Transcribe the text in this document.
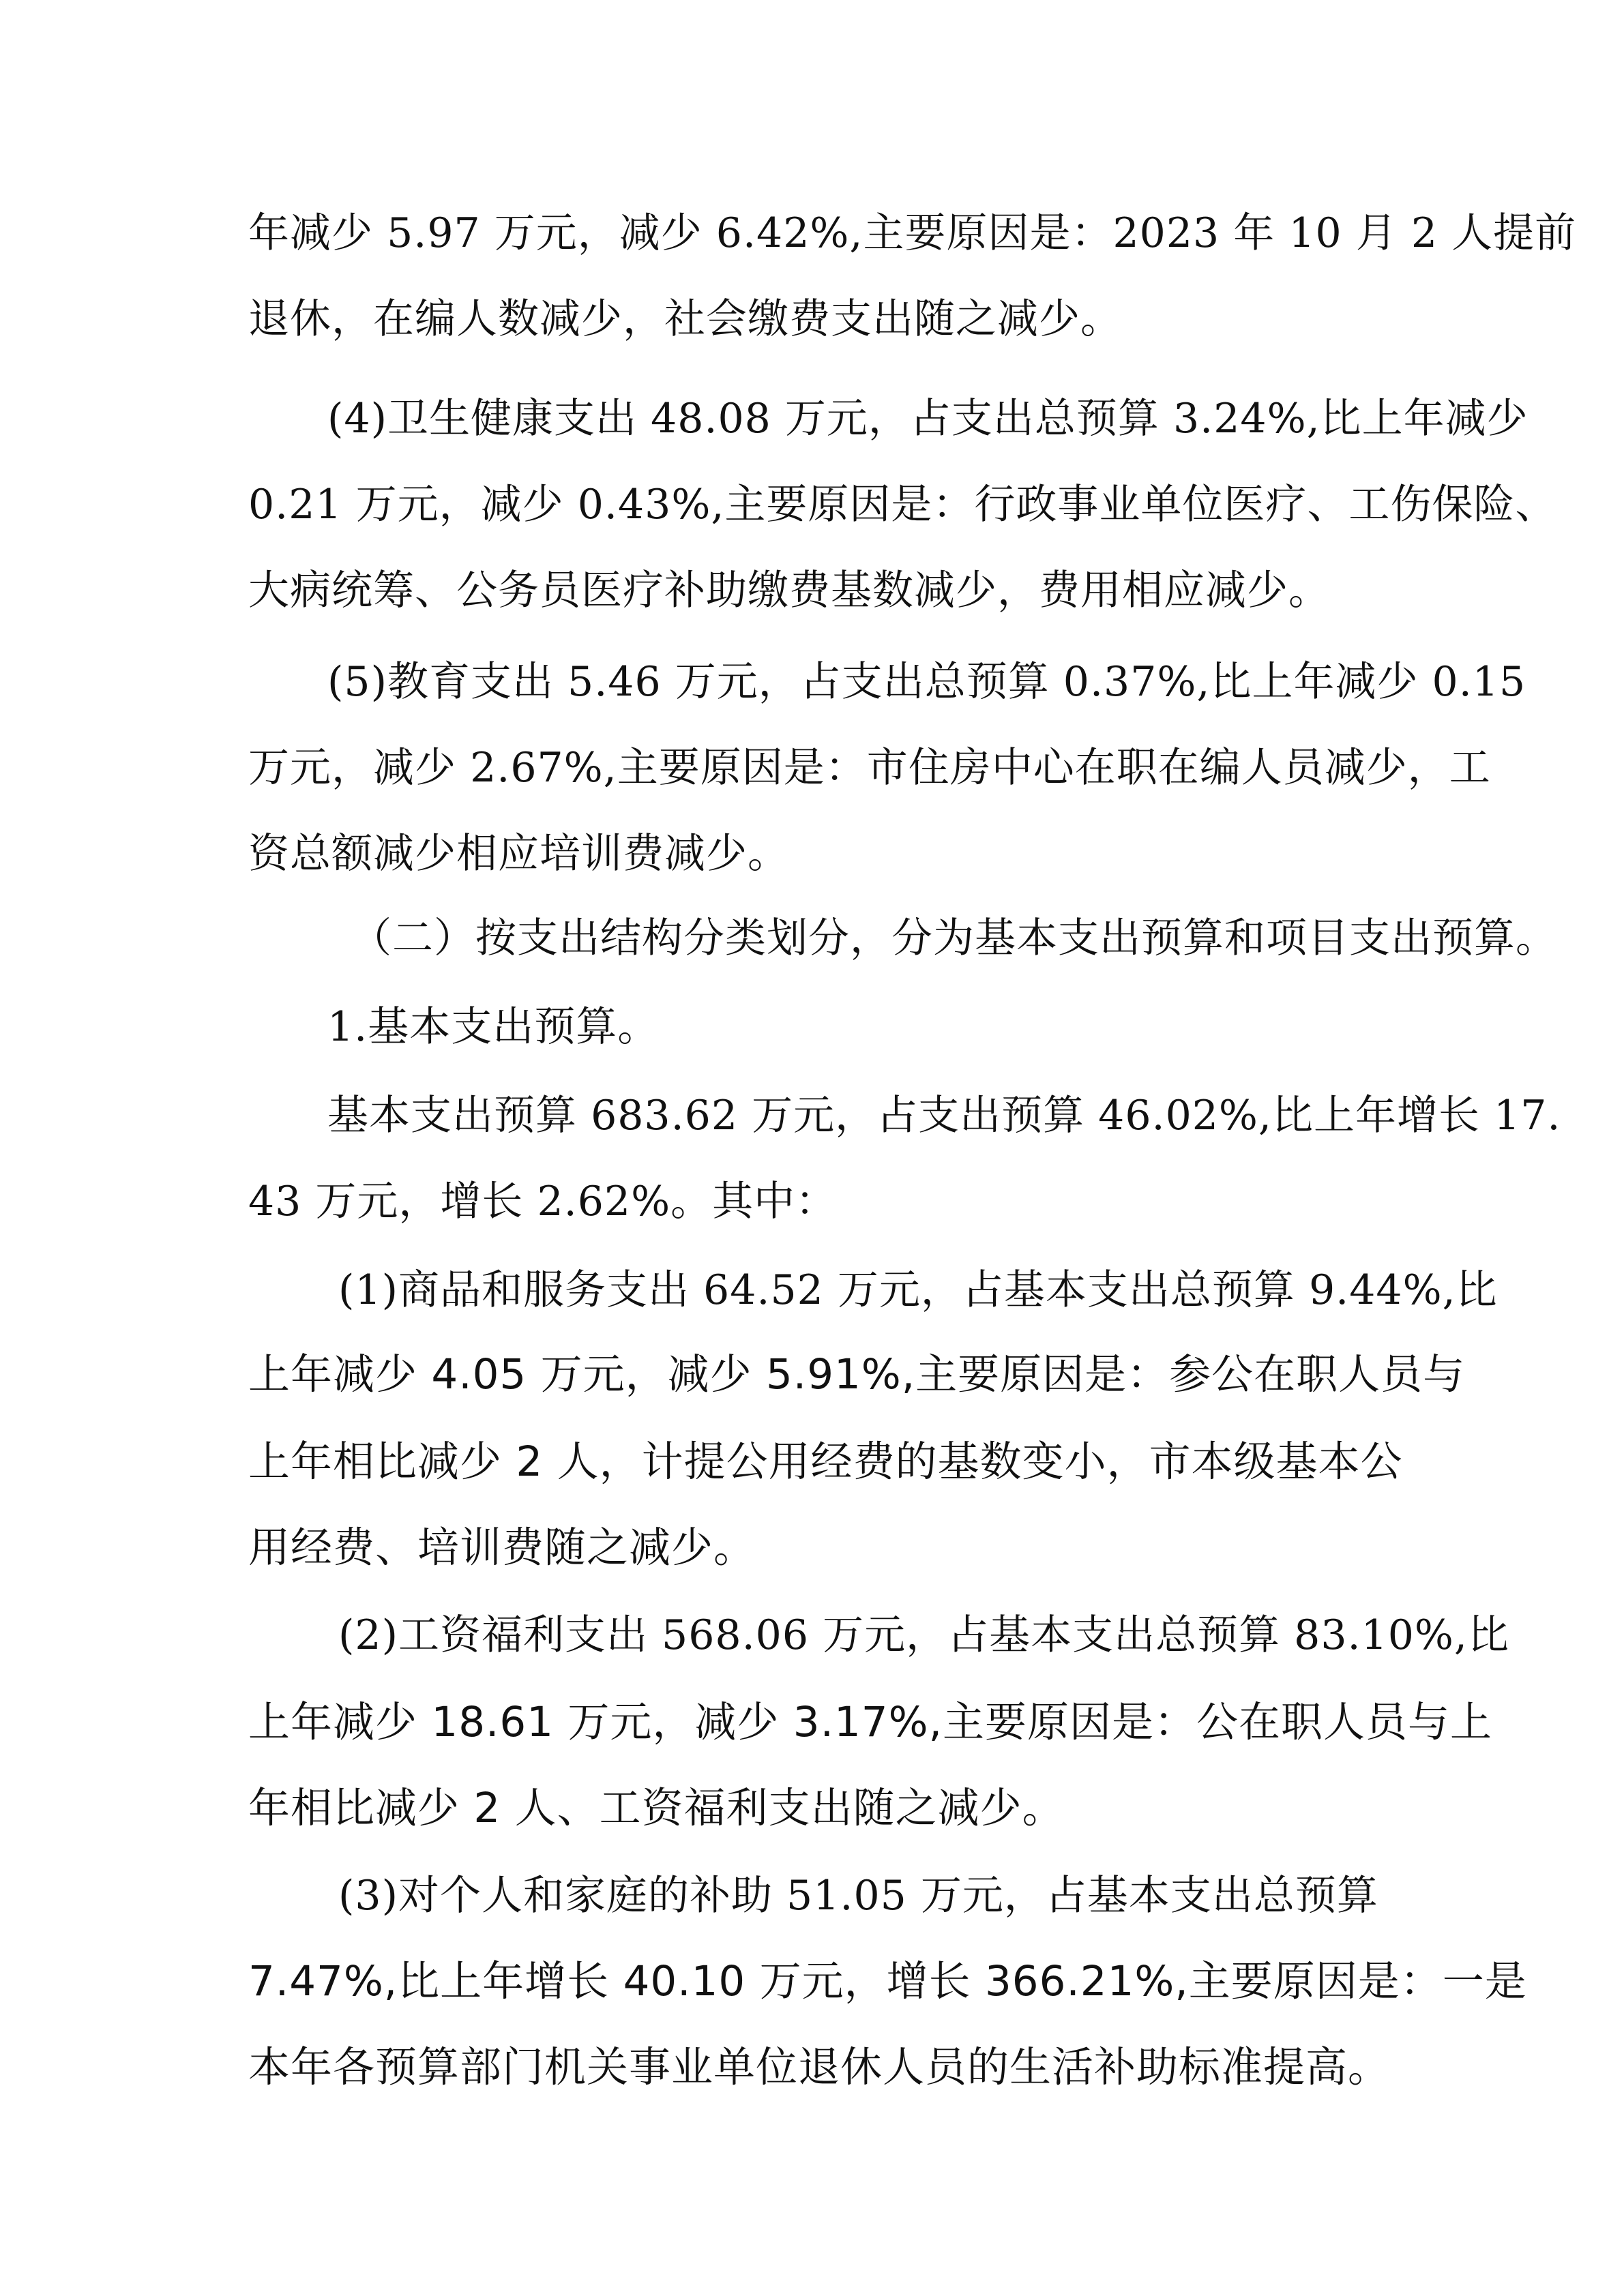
年减少 5.97 万元，减少 6.42%,主要原因是：2023 年 10 月 2 人提前
退休，在编人数减少，社会缴费支出随之减少。
(4)卫生健康支出 48.08 万元，占支出总预算 3.24%,比上年减少
0.21 万元，减少 0.43%,主要原因是：行政事业单位医疗、工伤保险、
大病统筹、公务员医疗补助缴费基数减少，费用相应减少。
(5)教育支出 5.46 万元，占支出总预算 0.37%,比上年减少 0.15
万元，减少 2.67%,主要原因是：市住房中心在职在编人员减少，工
资总额减少相应培训费减少。
（二）按支出结构分类划分，分为基本支出预算和项目支出预算。
1.基本支出预算。
基本支出预算 683.62 万元，占支出预算 46.02%,比上年增长 17.
43 万元，增长 2.62%。其中：
(1)商品和服务支出 64.52 万元，占基本支出总预算 9.44%,比
上年减少 4.05 万元，减少 5.91%,主要原因是：参公在职人员与
上年相比减少 2 人，计提公用经费的基数变小，市本级基本公
用经费、培训费随之减少。
(2)工资福利支出 568.06 万元，占基本支出总预算 83.10%,比
上年减少 18.61 万元，减少 3.17%,主要原因是：公在职人员与上
年相比减少 2 人、工资福利支出随之减少。
(3)对个人和家庭的补助 51.05 万元，占基本支出总预算
7.47%,比上年增长 40.10 万元，增长 366.21%,主要原因是：一是
本年各预算部门机关事业单位退休人员的生活补助标准提高。
